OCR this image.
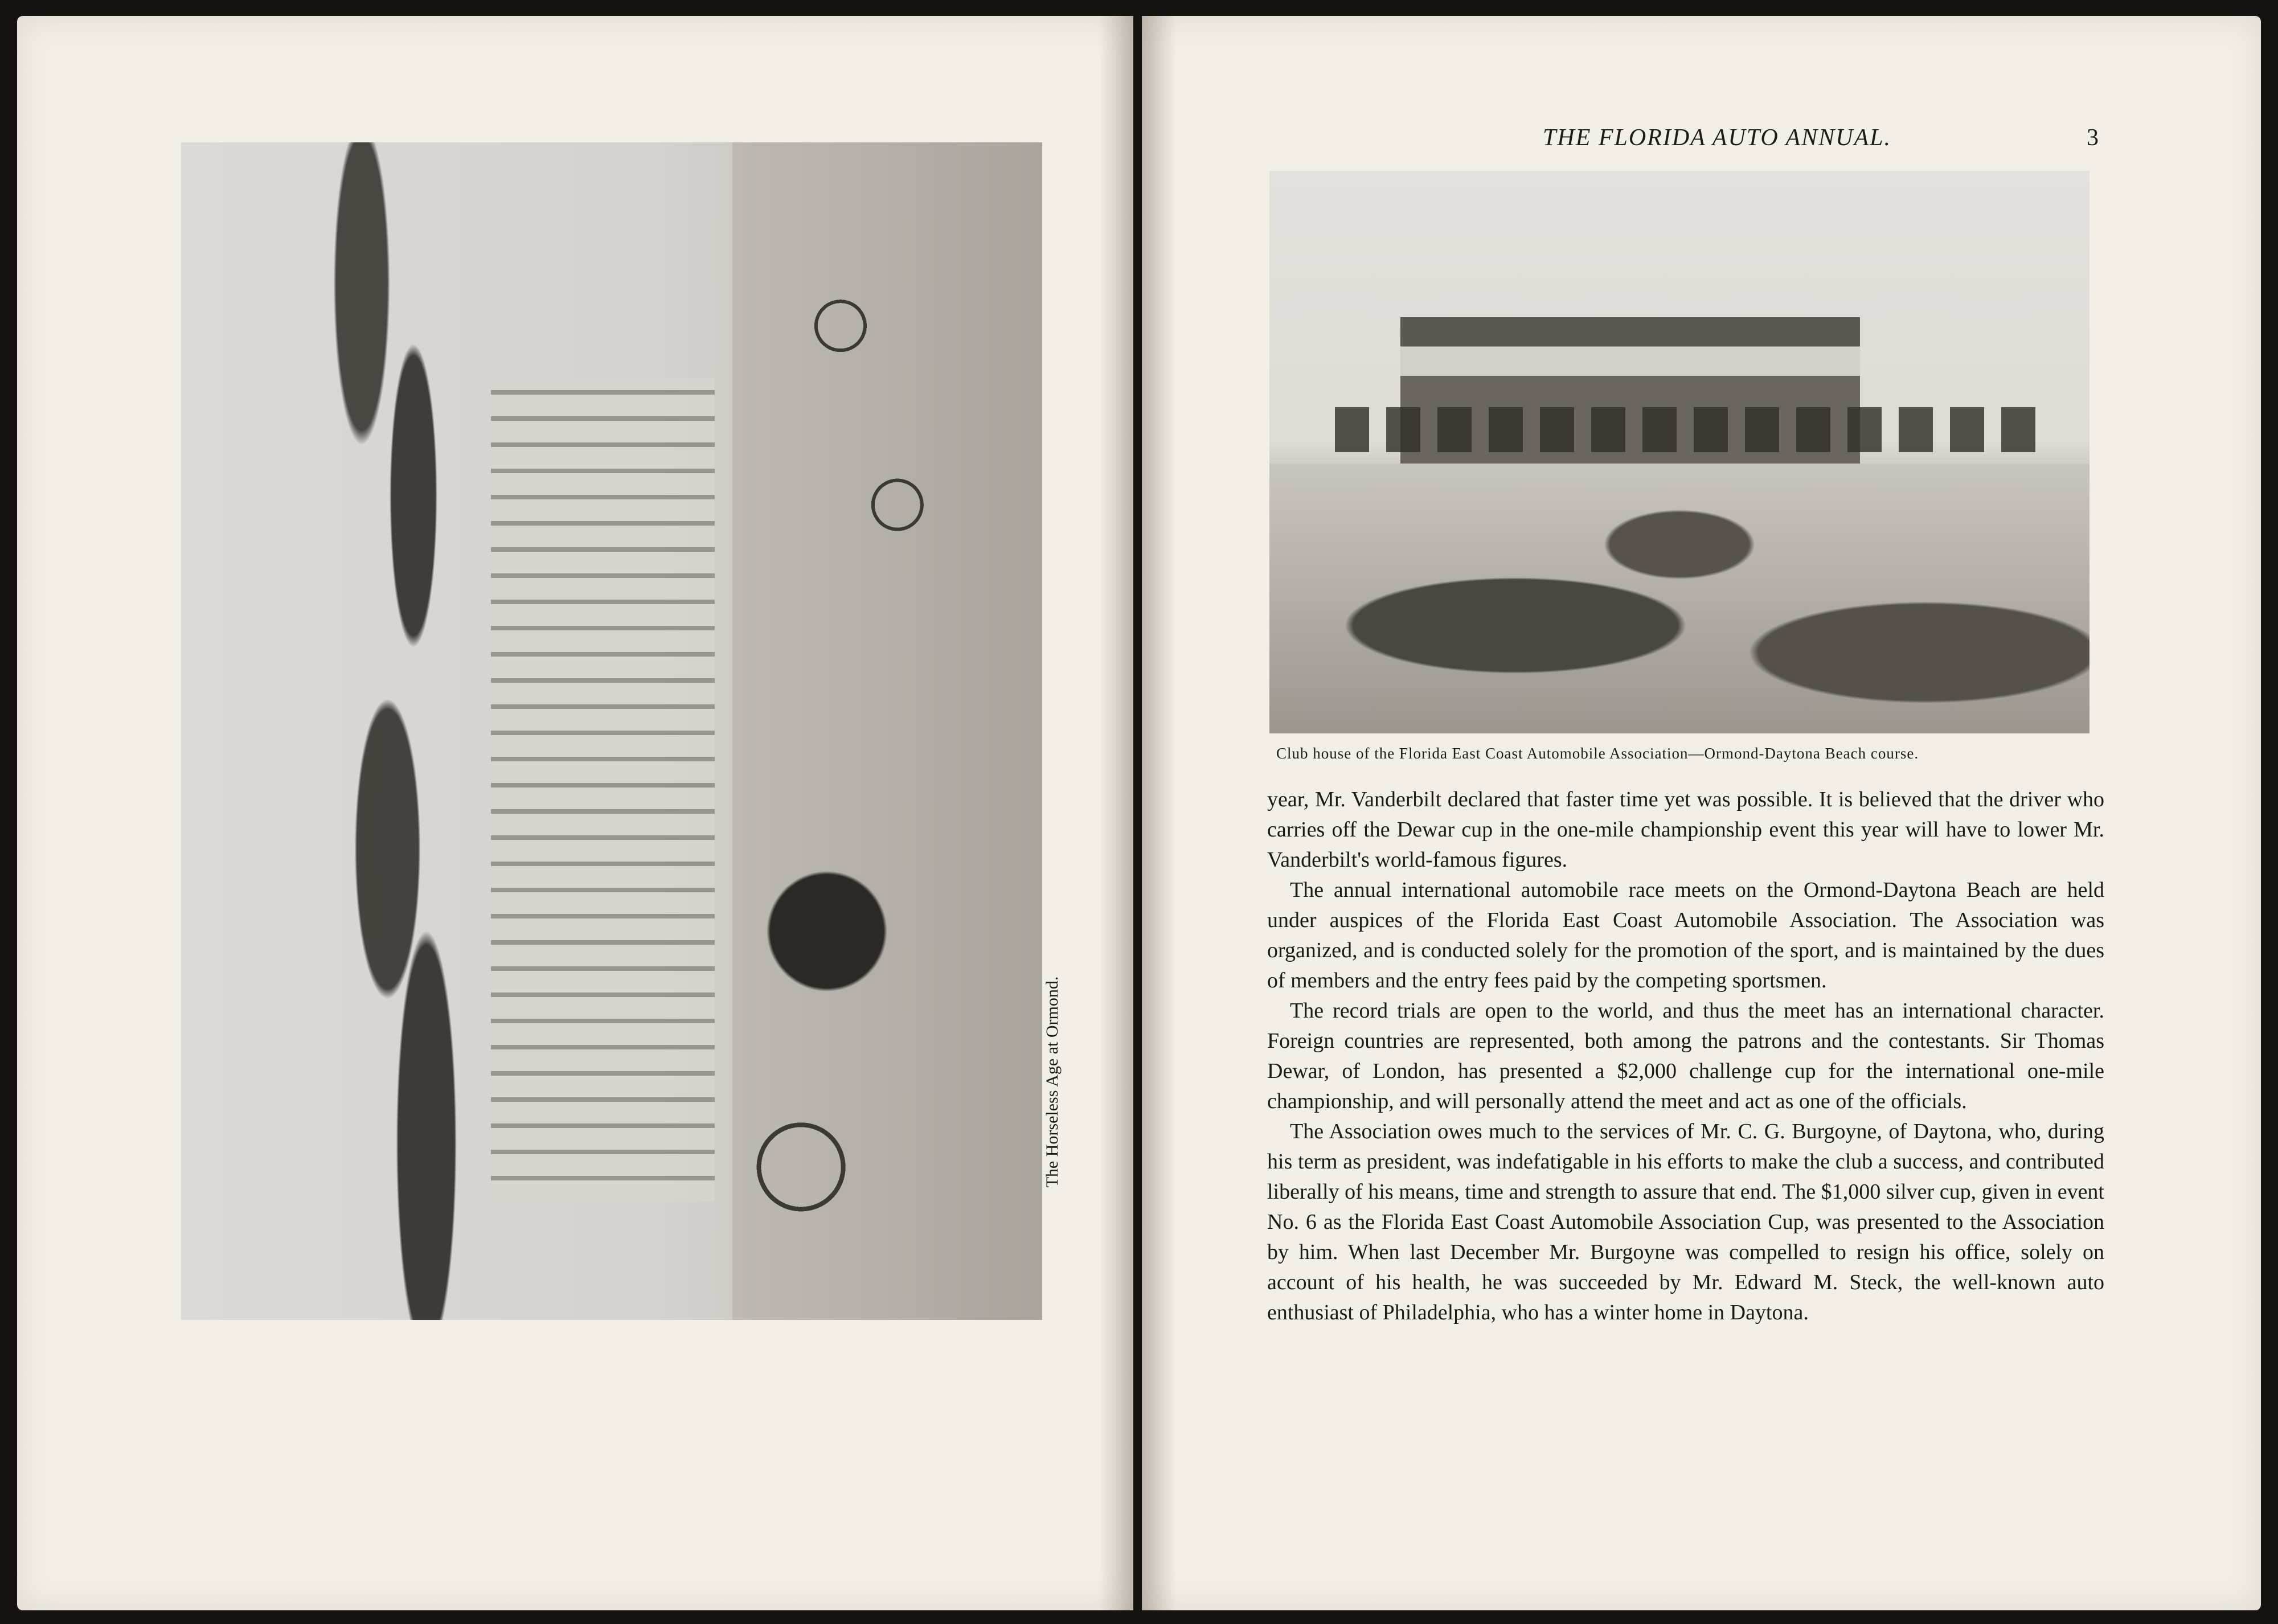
The Horseless Age at Ormond.
THE FLORIDA AUTO ANNUAL.	3
Club house of the Florida East Coast Automobile Association—Ormond-Daytona Beach course.

year, Mr. Vanderbilt declared that faster time yet was possible. It is believed that the driver who carries off the Dewar cup in the one-mile championship event this year will have to lower Mr. Vanderbilt's world-famous figures.

The annual international automobile race meets on the Ormond-Daytona Beach are held under auspices of the Florida East Coast Automobile Association. The Association was organized, and is conducted solely for the promotion of the sport, and is maintained by the dues of members and the entry fees paid by the competing sportsmen.

The record trials are open to the world, and thus the meet has an international character. Foreign countries are represented, both among the patrons and the contestants. Sir Thomas Dewar, of London, has presented a $2,000 challenge cup for the international one-mile championship, and will personally attend the meet and act as one of the officials.

The Association owes much to the services of Mr. C. G. Burgoyne, of Daytona, who, during his term as president, was indefatigable in his efforts to make the club a success, and contributed liberally of his means, time and strength to assure that end. The $1,000 silver cup, given in event No. 6 as the Florida East Coast Automobile Association Cup, was presented to the Association by him. When last December Mr. Burgoyne was compelled to resign his office, solely on account of his health, he was succeeded by Mr. Edward M. Steck, the well-known auto enthusiast of Philadelphia, who has a winter home in Daytona.
